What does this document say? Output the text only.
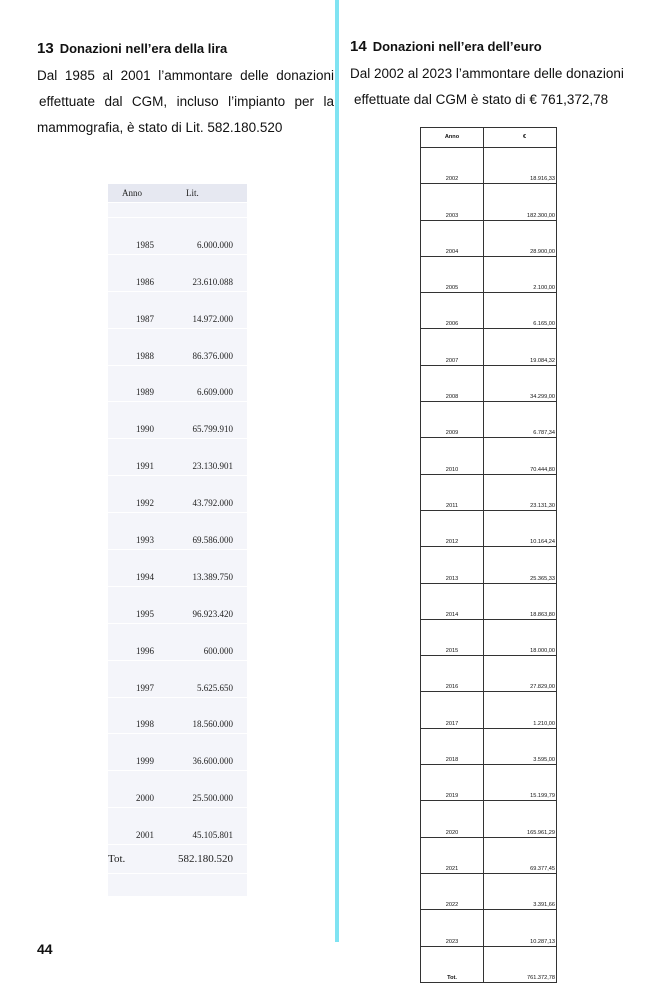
13 Donazioni nell’era della lira
Dal 1985 al 2001 l’ammontare delle donazioni
effettuate dal CGM, incluso l’impianto per la
mammografia, è stato di Lit. 582.180.520
Anno	Lit.

1985	6.000.000
1986	23.610.088
1987	14.972.000
1988	86.376.000
1989	6.609.000
1990	65.799.910
1991	23.130.901
1992	43.792.000
1993	69.586.000
1994	13.389.750
1995	96.923.420
1996	600.000
1997	5.625.650
1998	18.560.000
1999	36.600.000
2000	25.500.000
2001	45.105.801
Tot.	582.180.520

14 Donazioni nell’era dell’euro
Dal 2002 al 2023 l’ammontare delle donazioni
effettuate dal CGM è stato di € 761,372,78
Anno	€
2002	18.916,33
2003	182.300,00
2004	28.900,00
2005	2.100,00
2006	6.165,00
2007	19.084,32
2008	34.299,00
2009	6.787,34
2010	70.444,80
2011	23.131,30
2012	10.164,24
2013	25.365,33
2014	18.863,80
2015	18.000,00
2016	27.829,00
2017	1.210,00
2018	3.595,00
2019	15.199,79
2020	165.961,29
2021	69.377,45
2022	3.391,66
2023	10.287,13
Tot.	761.372,78
44
